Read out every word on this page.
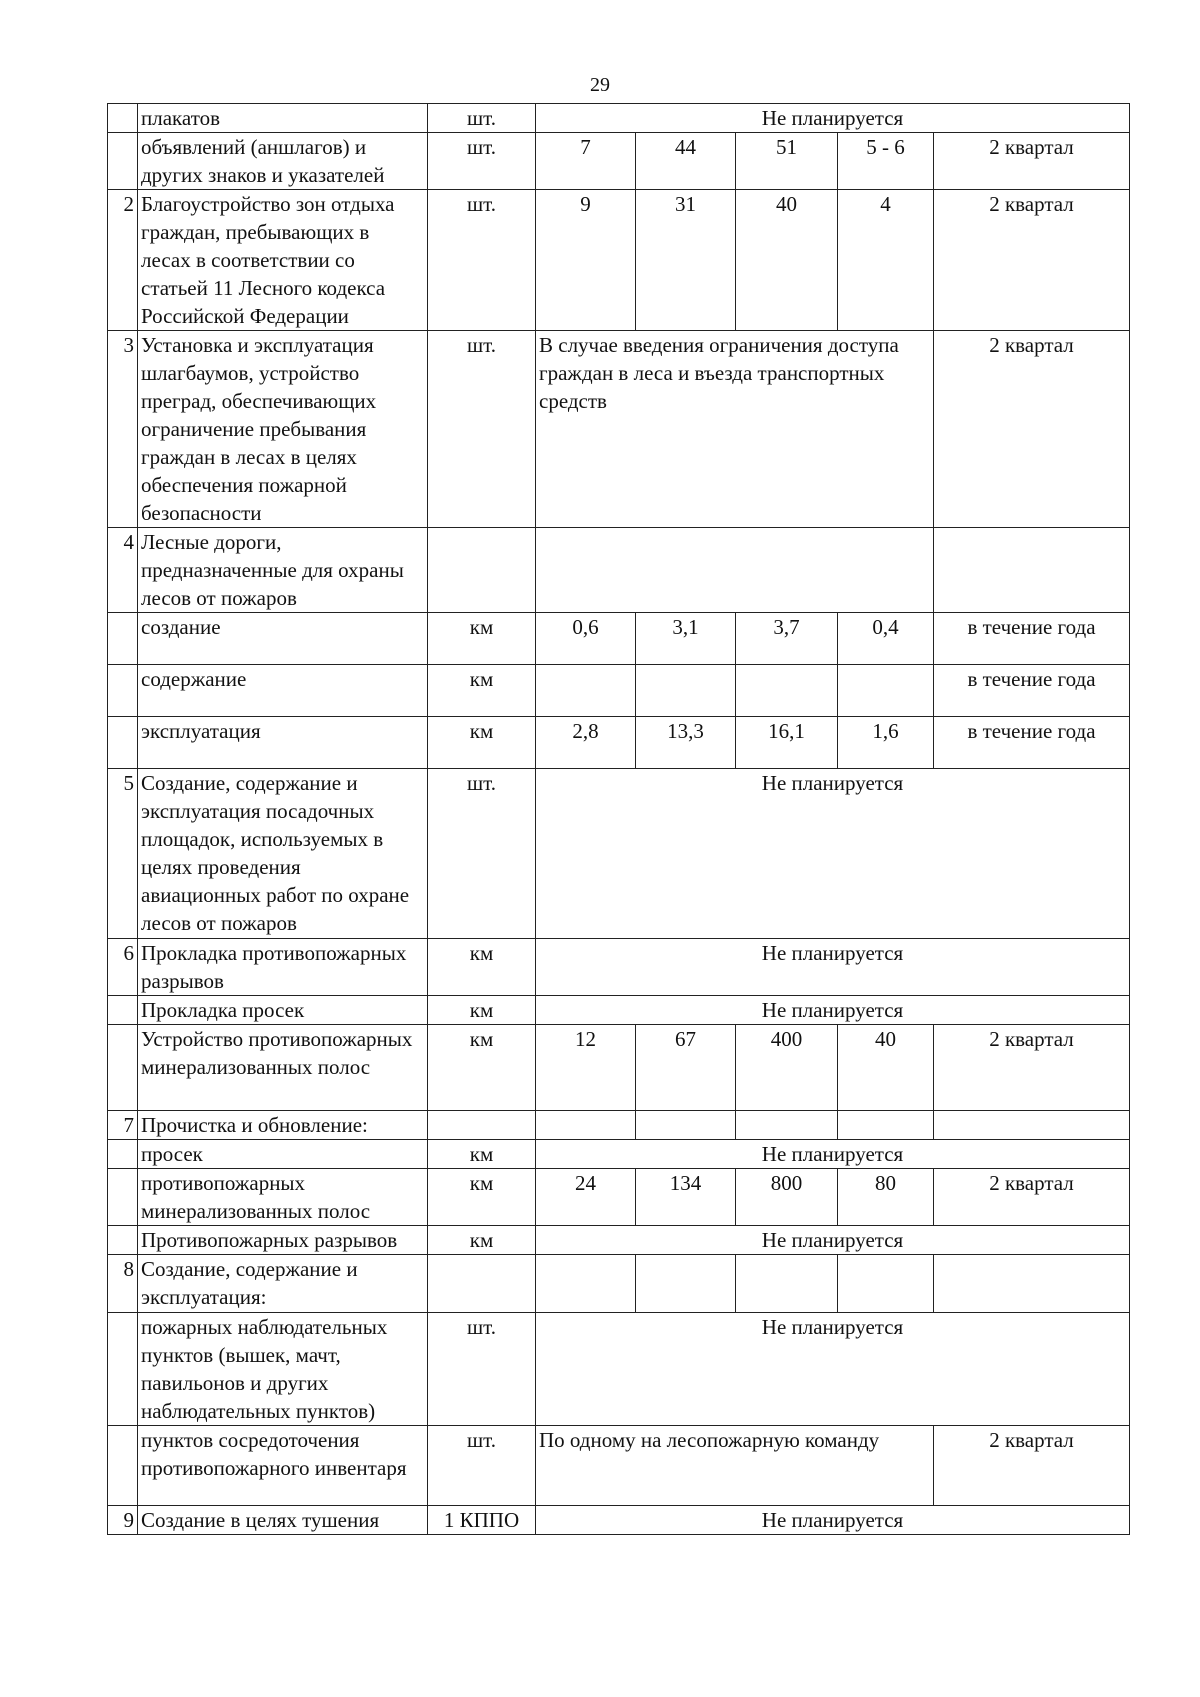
29
	плакатов	шт.	Не планируется				
	объявлений (аншлагов) и других знаков и указателей	шт.	7	44	51	5 - 6	2 квартал
2	Благоустройство зон отдыха граждан, пребывающих в лесах в соответствии со статьей 11 Лесного кодекса Российской Федерации	шт.	9	31	40	4	2 квартал
3	Установка и эксплуатация шлагбаумов, устройство преград, обеспечивающих ограничение пребывания граждан в лесах в целях обеспечения пожарной безопасности	шт.	В случае введения ограничения доступа граждан в леса и въезда транспортных средств				2 квартал
4	Лесные дороги, предназначенные для охраны лесов от пожаров						
	создание	км	0,6	3,1	3,7	0,4	в течение года
	содержание	км					в течение года
	эксплуатация	км	2,8	13,3	16,1	1,6	в течение года
5	Создание, содержание и эксплуатация посадочных площадок, используемых в целях проведения авиационных работ по охране лесов от пожаров	шт.	Не планируется				
6	Прокладка противопожарных разрывов	км	Не планируется				
	Прокладка просек	км	Не планируется				
	Устройство противопожарных минерализованных полос	км	12	67	400	40	2 квартал
7	Прочистка и обновление:						
	просек	км	Не планируется				
	противопожарных минерализованных полос	км	24	134	800	80	2 квартал
	Противопожарных разрывов	км	Не планируется				
8	Создание, содержание и эксплуатация:						
	пожарных наблюдательных пунктов (вышек, мачт, павильонов и других наблюдательных пунктов)	шт.	Не планируется				
	пунктов сосредоточения противопожарного инвентаря	шт.	По одному на лесопожарную команду				2 квартал
9	Создание в целях тушения	1 КППО	Не планируется				
